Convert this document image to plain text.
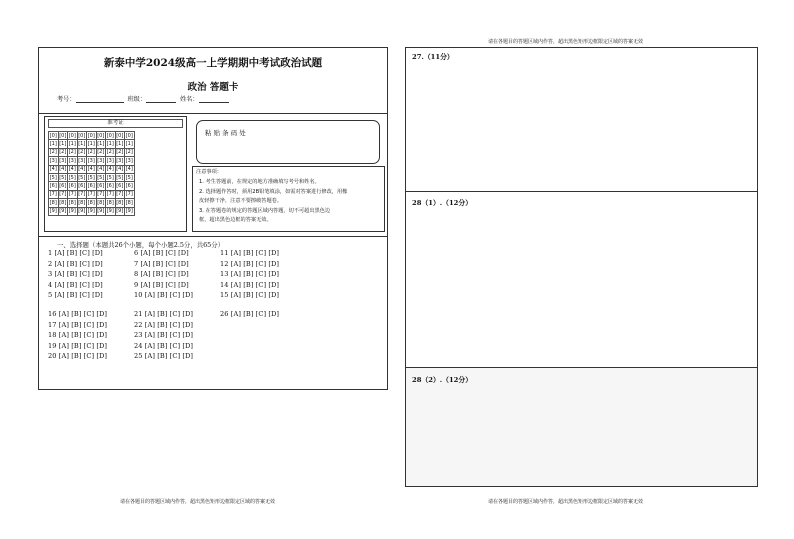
请在各题目的答题区域内作答，超出黑色矩形边框限定区域的答案无效
新泰中学2024级高一上学期期中考试政治试题
政治 答题卡
考号：	班级：	姓名：
准考证
[0]	[0]	[0]	[0]	[0]	[0]	[0]	[0]	[0]

[1]	[1]	[1]	[1]	[1]	[1]	[1]	[1]	[1]

[2]	[2]	[2]	[2]	[2]	[2]	[2]	[2]	[2]

[3]	[3]	[3]	[3]	[3]	[3]	[3]	[3]	[3]

[4]	[4]	[4]	[4]	[4]	[4]	[4]	[4]	[4]

[5]	[5]	[5]	[5]	[5]	[5]	[5]	[5]	[5]

[6]	[6]	[6]	[6]	[6]	[6]	[6]	[6]	[6]

[7]	[7]	[7]	[7]	[7]	[7]	[7]	[7]	[7]

[8]	[8]	[8]	[8]	[8]	[8]	[8]	[8]	[8]

[9]	[9]	[9]	[9]	[9]	[9]	[9]	[9]	[9]
粘 贴 条 码 处
注意事项：
1. 考生答题前，在规定的地方准确填写考号和姓名。
2. 选择题作答时，须用2B铅笔填涂，如需对答案进行修改，用橡
皮轻擦干净，注意不要擦破答题卷。
3. 在答题卷的规定的答题区域内答题，切不可超出黑色边
框，超出黑色边框的答案无效。
一、选择题（本题共26个小题，每个小题2.5分，共65分）
1 [A] [B] [C] [D]	6 [A] [B] [C] [D]	11 [A] [B] [C] [D]
2 [A] [B] [C] [D]	7 [A] [B] [C] [D]	12 [A] [B] [C] [D]
3 [A] [B] [C] [D]	8 [A] [B] [C] [D]	13 [A] [B] [C] [D]
4 [A] [B] [C] [D]	9 [A] [B] [C] [D]	14 [A] [B] [C] [D]
5 [A] [B] [C] [D]	10 [A] [B] [C] [D]	15 [A] [B] [C] [D]
16 [A] [B] [C] [D]	21 [A] [B] [C] [D]	26 [A] [B] [C] [D]
17 [A] [B] [C] [D]	22 [A] [B] [C] [D]
18 [A] [B] [C] [D]	23 [A] [B] [C] [D]
19 [A] [B] [C] [D]	24 [A] [B] [C] [D]
20 [A] [B] [C] [D]	25 [A] [B] [C] [D]
27.（11分）
28（1）.（12分）
28（2）.（12分）
请在各题目的答题区域内作答，超出黑色矩形边框限定区域的答案无效	请在各题目的答题区域内作答，超出黑色矩形边框限定区域的答案无效
